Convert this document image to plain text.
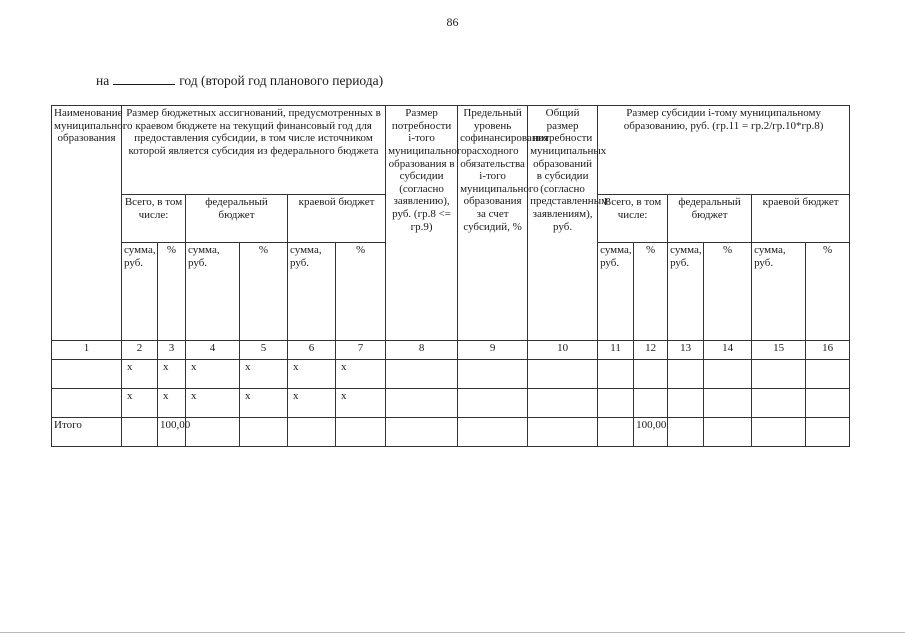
86
на	год (второй год планового периода)
Наименование муниципального образования	Размер бюджетных ассигнований, предусмотренных в краевом бюджете на текущий финансовый год для предоставления субсидии, в том числе источником которой является субсидия из федерального бюджета						Размер потребности i-того муниципального образования в субсидии (согласно заявлению), руб. (гр.8 <= гр.9)	Предельный уровень софинансирования расходного обязательства i-того муниципального образования за счет субсидий, %	Общий размер потребности муниципальных образований в субсидии (согласно представленным заявлениям), руб.	Размер субсидии i-тому муниципальному образованию, руб. (гр.11 = гр.2/гр.10*гр.8)					
	Всего, в том числе:		федеральный бюджет		краевой бюджет					Всего, в том числе:		федеральный бюджет		краевой бюджет	
	сумма, руб.	%	сумма, руб.	%	сумма, руб.	%				сумма, руб.	%	сумма, руб.	%	сумма, руб.	%
1	2	3	4	5	6	7	8	9	10	11	12	13	14	15	16
	х	х	х	х	х	х									
	х	х	х	х	х	х									
Итого		100,00									100,00				
